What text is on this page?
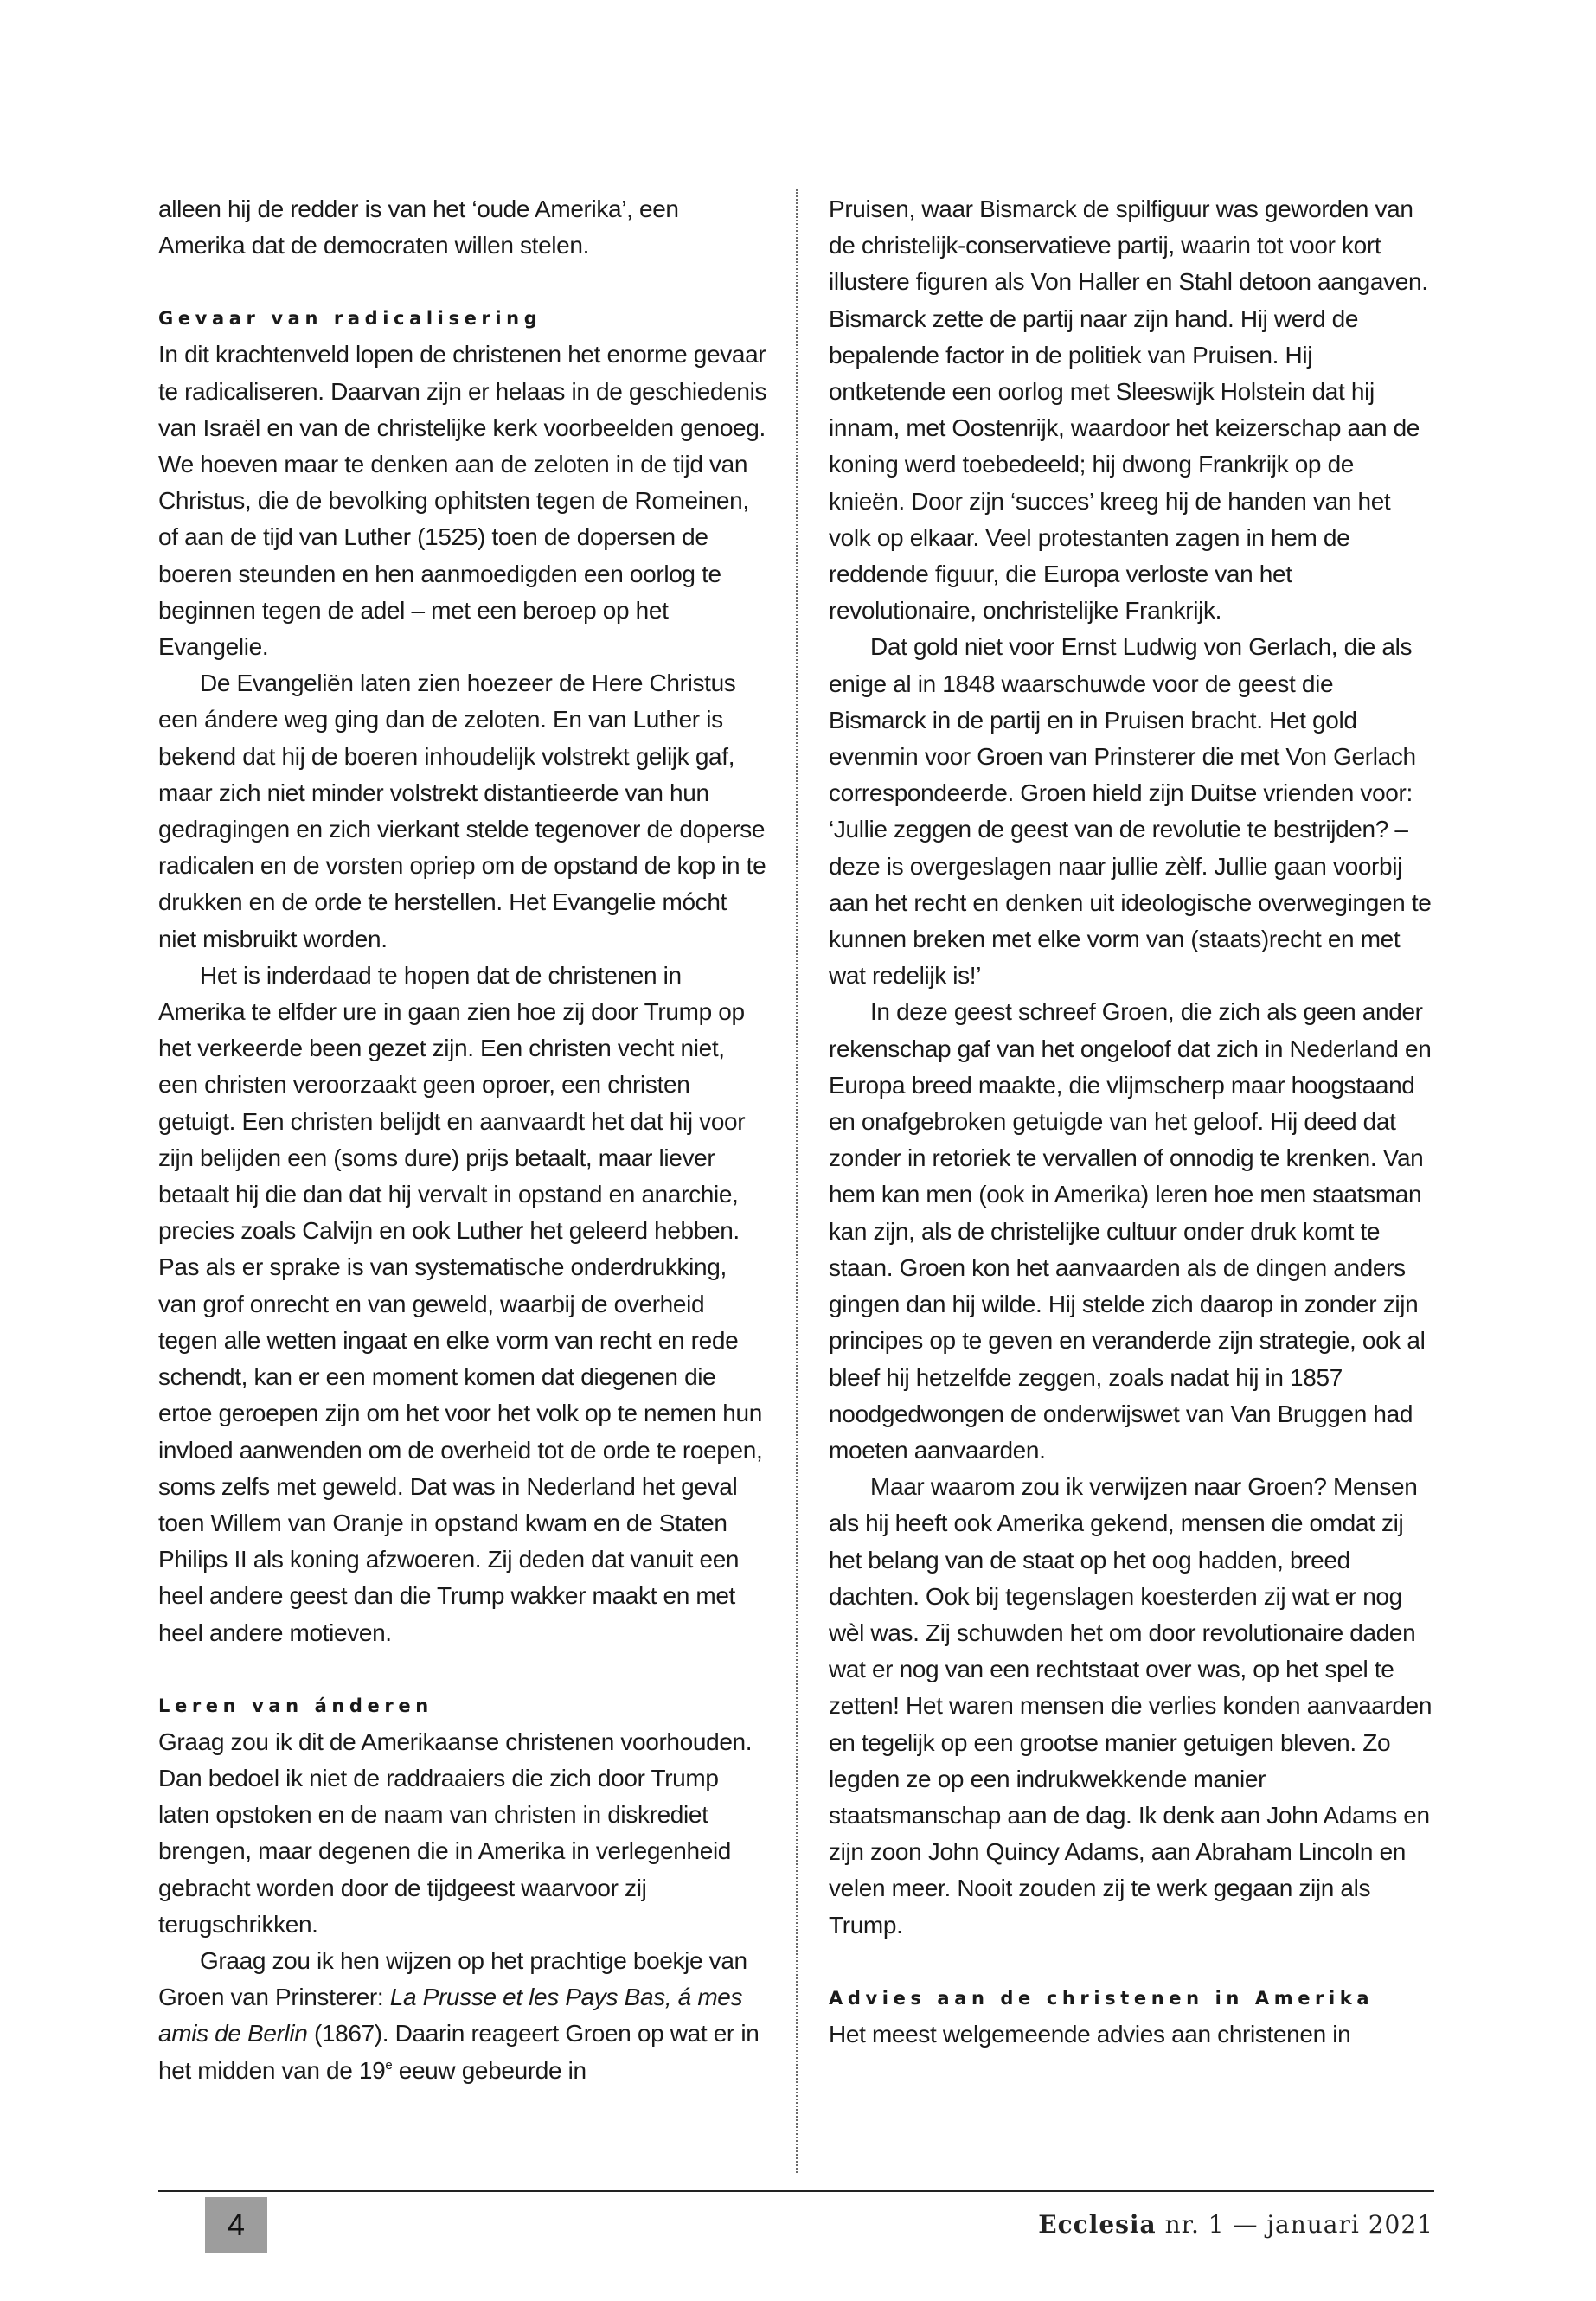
alleen hij de redder is van het ‘oude Amerika’, een Amerika dat de democraten willen stelen.

Gevaar van radicalisering

In dit krachtenveld lopen de christenen het enorme gevaar te radicaliseren. Daarvan zijn er helaas in de geschiedenis van Israël en van de christelijke kerk voorbeelden genoeg. We hoeven maar te denken aan de zeloten in de tijd van Christus, die de bevolking ophitsten tegen de Romeinen, of aan de tijd van Luther (1525) toen de dopersen de boeren steunden en hen aanmoedigden een oorlog te beginnen tegen de adel – met een beroep op het Evangelie.

De Evangeliën laten zien hoezeer de Here Christus een ándere weg ging dan de zeloten. En van Luther is bekend dat hij de boeren inhoudelijk volstrekt gelijk gaf, maar zich niet minder volstrekt distantieerde van hun gedragingen en zich vierkant stelde tegenover de doperse radicalen en de vorsten opriep om de opstand de kop in te drukken en de orde te herstellen. Het Evangelie mócht niet misbruikt worden.

Het is inderdaad te hopen dat de christenen in Amerika te elfder ure in gaan zien hoe zij door Trump op het verkeerde been gezet zijn. Een christen vecht niet, een christen veroorzaakt geen oproer, een christen getuigt. Een christen belijdt en aanvaardt het dat hij voor zijn belijden een (soms dure) prijs betaalt, maar liever betaalt hij die dan dat hij vervalt in opstand en anarchie, precies zoals Calvijn en ook Luther het geleerd hebben. Pas als er sprake is van systematische onderdrukking, van grof onrecht en van geweld, waarbij de overheid tegen alle wetten ingaat en elke vorm van recht en rede schendt, kan er een moment komen dat diegenen die ertoe geroepen zijn om het voor het volk op te nemen hun invloed aanwenden om de overheid tot de orde te roepen, soms zelfs met geweld. Dat was in Nederland het geval toen Willem van Oranje in opstand kwam en de Staten Philips II als koning afzwoeren. Zij deden dat vanuit een heel andere geest dan die Trump wakker maakt en met heel andere motieven.

Leren van ánderen

Graag zou ik dit de Amerikaanse christenen voorhouden. Dan bedoel ik niet de raddraaiers die zich door Trump laten opstoken en de naam van christen in diskrediet brengen, maar degenen die in Amerika in verlegenheid gebracht worden door de tijdgeest waarvoor zij terugschrikken.

Graag zou ik hen wijzen op het prachtige boekje van Groen van Prinsterer: La Prusse et les Pays Bas, á mes amis de Berlin (1867). Daarin reageert Groen op wat er in het midden van de 19e eeuw gebeurde in

Pruisen, waar Bismarck de spilfiguur was geworden van de christelijk-conservatieve partij, waarin tot voor kort illustere figuren als Von Haller en Stahl detoon aangaven. Bismarck zette de partij naar zijn hand. Hij werd de bepalende factor in de politiek van Pruisen. Hij ontketende een oorlog met Sleeswijk Holstein dat hij innam, met Oostenrijk, waardoor het keizerschap aan de koning werd toebedeeld; hij dwong Frankrijk op de knieën. Door zijn ‘succes’ kreeg hij de handen van het volk op elkaar. Veel protestanten zagen in hem de reddende figuur, die Europa verloste van het revolutionaire, onchristelijke Frankrijk.

Dat gold niet voor Ernst Ludwig von Gerlach, die als enige al in 1848 waarschuwde voor de geest die Bismarck in de partij en in Pruisen bracht. Het gold evenmin voor Groen van Prinsterer die met Von Gerlach correspondeerde. Groen hield zijn Duitse vrienden voor: ‘Jullie zeggen de geest van de revolutie te bestrijden? – deze is overgeslagen naar jullie zèlf. Jullie gaan voorbij aan het recht en denken uit ideologische overwegingen te kunnen breken met elke vorm van (staats)recht en met wat redelijk is!’

In deze geest schreef Groen, die zich als geen ander rekenschap gaf van het ongeloof dat zich in Nederland en Europa breed maakte, die vlijmscherp maar hoogstaand en onafgebroken getuigde van het geloof. Hij deed dat zonder in retoriek te vervallen of onnodig te krenken. Van hem kan men (ook in Amerika) leren hoe men staatsman kan zijn, als de christelijke cultuur onder druk komt te staan. Groen kon het aanvaarden als de dingen anders gingen dan hij wilde. Hij stelde zich daarop in zonder zijn principes op te geven en veranderde zijn strategie, ook al bleef hij hetzelfde zeggen, zoals nadat hij in 1857 noodgedwongen de onderwijswet van Van Bruggen had moeten aanvaarden.

Maar waarom zou ik verwijzen naar Groen? Mensen als hij heeft ook Amerika gekend, mensen die omdat zij het belang van de staat op het oog hadden, breed dachten. Ook bij tegenslagen koesterden zij wat er nog wèl was. Zij schuwden het om door revolutionaire daden wat er nog van een rechtstaat over was, op het spel te zetten! Het waren mensen die verlies konden aanvaarden en tegelijk op een grootse manier getuigen bleven. Zo legden ze op een indrukwekkende manier staatsmanschap aan de dag. Ik denk aan John Adams en zijn zoon John Quincy Adams, aan Abraham Lincoln en velen meer. Nooit zouden zij te werk gegaan zijn als Trump.

Advies aan de christenen in Amerika

Het meest welgemeende advies aan christenen in

4	Ecclesia nr. 1 — januari 2021
